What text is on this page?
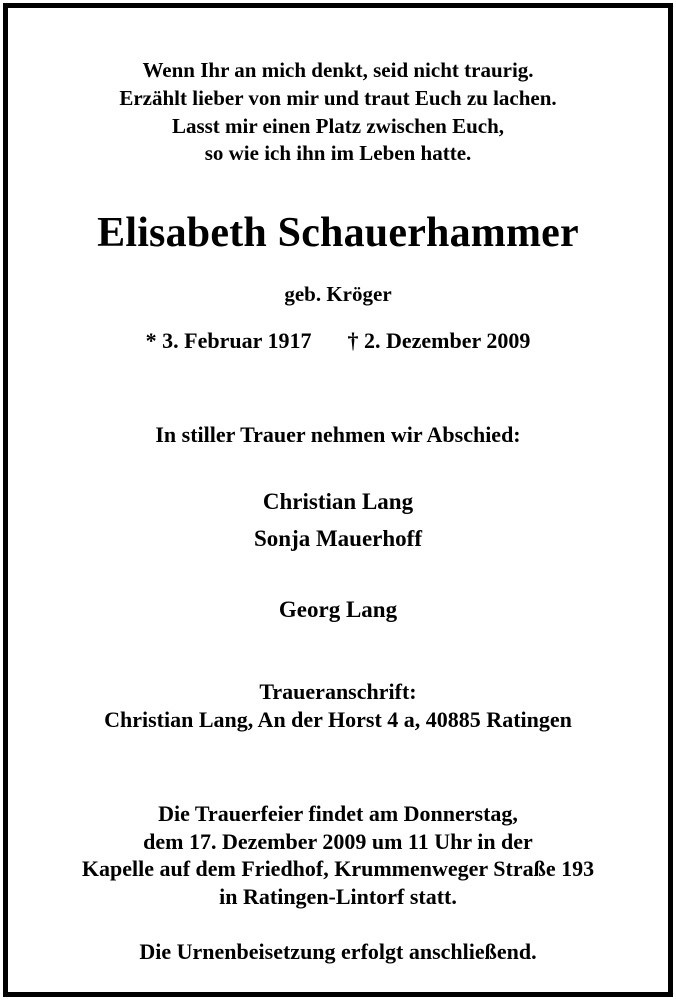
Wenn Ihr an mich denkt, seid nicht traurig.
Erzählt lieber von mir und traut Euch zu lachen.
Lasst mir einen Platz zwischen Euch,
so wie ich ihn im Leben hatte.
Elisabeth Schauerhammer
geb. Kröger
* 3. Februar 1917 † 2. Dezember 2009
In stiller Trauer nehmen wir Abschied:
Christian Lang
Sonja Mauerhoff
Georg Lang
Traueranschrift:
Christian Lang, An der Horst 4 a, 40885 Ratingen
Die Trauerfeier findet am Donnerstag,
dem 17. Dezember 2009 um 11 Uhr in der
Kapelle auf dem Friedhof, Krummenweger Straße 193
in Ratingen-Lintorf statt.
Die Urnenbeisetzung erfolgt anschließend.
